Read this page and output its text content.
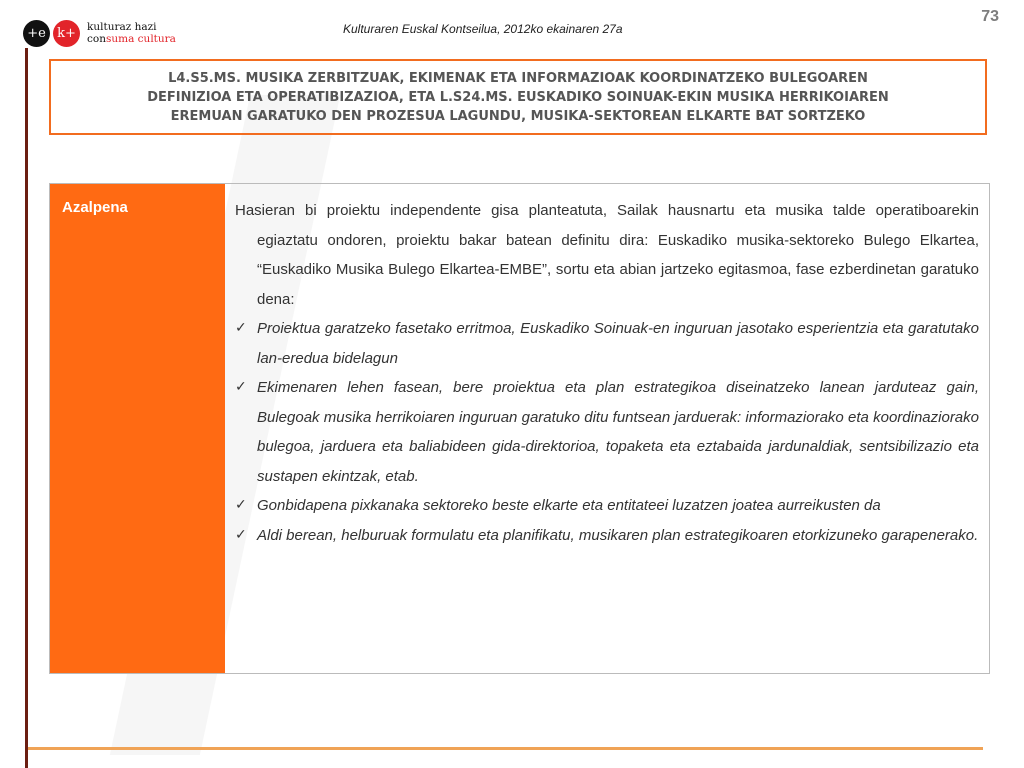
+e k+	kulturaz hazi
consuma cultura
Kulturaren Euskal Kontseilua, 2012ko ekainaren 27a
73
L4.S5.MS. MUSIKA ZERBITZUAK, EKIMENAK ETA INFORMAZIOAK KOORDINATZEKO BULEGOAREN
DEFINIZIOA ETA OPERATIBIZAZIOA, ETA L.S24.MS. EUSKADIKO SOINUAK-EKIN MUSIKA HERRIKOIAREN
EREMUAN GARATUKO DEN PROZESUA LAGUNDU, MUSIKA-SEKTOREAN ELKARTE BAT SORTZEKO
Azalpena	Hasieran bi proiektu independente gisa planteatuta, Sailak hausnartu eta musika talde operatiboarekin egiaztatu ondoren, proiektu bakar batean definitu dira: Euskadiko musika-sektoreko Bulego Elkartea, “Euskadiko Musika Bulego Elkartea-EMBE”, sortu eta abian jartzeko egitasmoa, fase ezberdinetan garatuko dena:

✓ Proiektua garatzeko fasetako erritmoa, Euskadiko Soinuak-en inguruan jasotako esperientzia eta garatutako lan-eredua bidelagun
✓ Ekimenaren lehen fasean, bere proiektua eta plan estrategikoa diseinatzeko lanean jarduteaz gain, Bulegoak musika herrikoiaren inguruan garatuko ditu funtsean jarduerak: informaziorako eta koordinaziorako bulegoa, jarduera eta baliabideen gida-direktorioa, topaketa eta eztabaida jardunaldiak, sentsibilizazio eta sustapen ekintzak, etab.
✓ Gonbidapena pixkanaka sektoreko beste elkarte eta entitateei luzatzen joatea aurreikusten da
✓ Aldi berean, helburuak formulatu eta planifikatu, musikaren plan estrategikoaren etorkizuneko garapenerako.
